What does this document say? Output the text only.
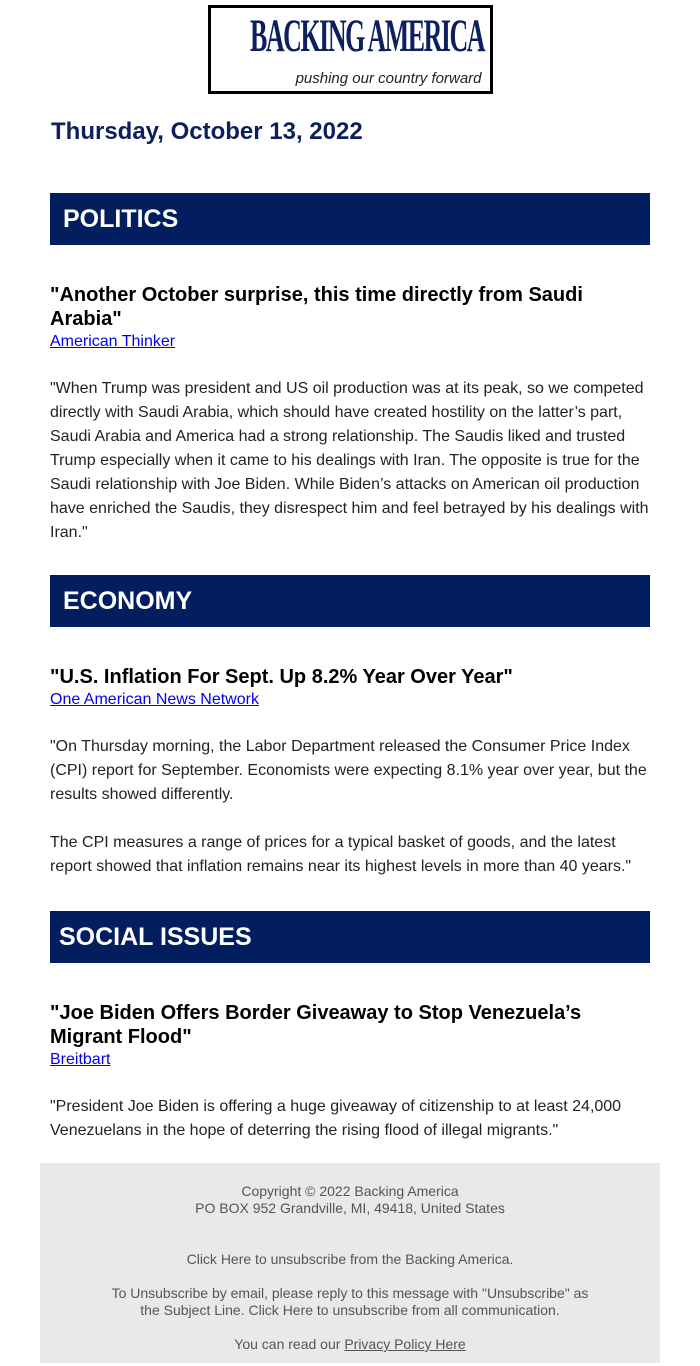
BACKING AMERICA
pushing our country forward
Thursday, October 13, 2022
POLITICS
"Another October surprise, this time directly from Saudi Arabia"
American Thinker

"When Trump was president and US oil production was at its peak, so we competed directly with Saudi Arabia, which should have created hostility on the latter’s part, Saudi Arabia and America had a strong relationship. The Saudis liked and trusted Trump especially when it came to his dealings with Iran. The opposite is true for the Saudi relationship with Joe Biden. While Biden’s attacks on American oil production have enriched the Saudis, they disrespect him and feel betrayed by his dealings with Iran."

ECONOMY
"U.S. Inflation For Sept. Up 8.2% Year Over Year"
One American News Network

"On Thursday morning, the Labor Department released the Consumer Price Index (CPI) report for September. Economists were expecting 8.1% year over year, but the results showed differently.

The CPI measures a range of prices for a typical basket of goods, and the latest report showed that inflation remains near its highest levels in more than 40 years."

SOCIAL ISSUES
"Joe Biden Offers Border Giveaway to Stop Venezuela’s Migrant Flood"
Breitbart

"President Joe Biden is offering a huge giveaway of citizenship to at least 24,000 Venezuelans in the hope of deterring the rising flood of illegal migrants."

Copyright © 2022 Backing America

PO BOX 952 Grandville, MI, 49418, United States

Click Here to unsubscribe from the Backing America.

To Unsubscribe by email, please reply to this message with "Unsubscribe" as

the Subject Line. Click Here to unsubscribe from all communication.

You can read our Privacy Policy Here
